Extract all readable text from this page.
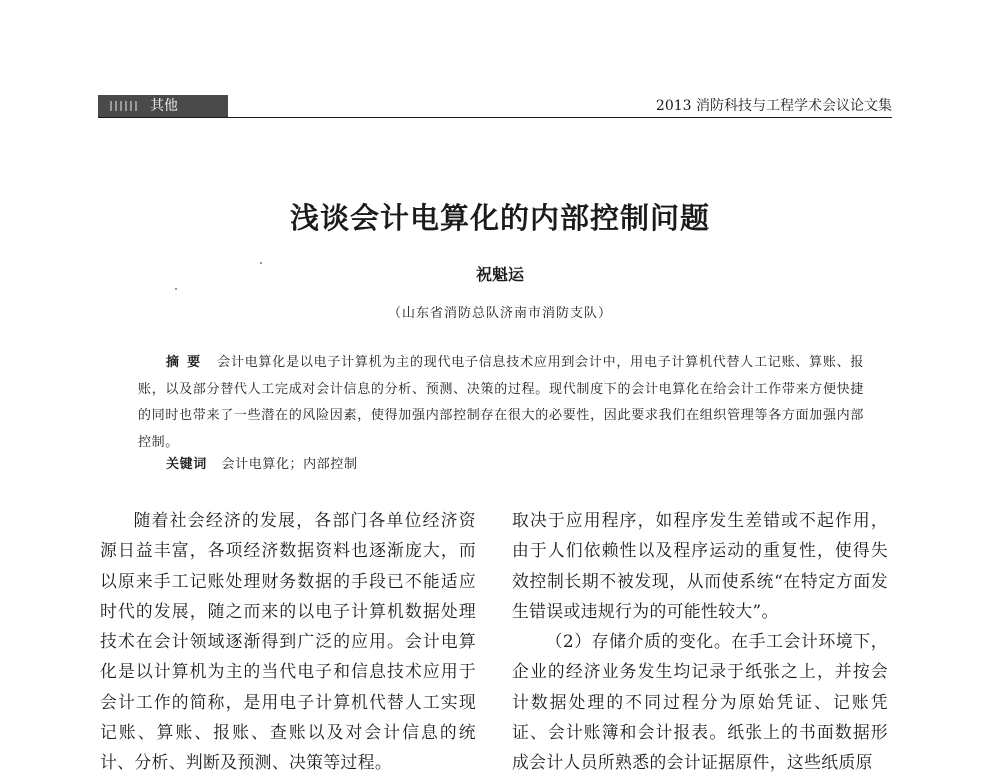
其他	2013 消防科技与工程学术会议论文集
浅谈会计电算化的内部控制问题
祝魁运
（山东省消防总队济南市消防支队）
摘要 会计电算化是以电子计算机为主的现代电子信息技术应用到会计中，用电子计算机代替人工记账、算账、报账，以及部分替代人工完成对会计信息的分析、预测、决策的过程。现代制度下的会计电算化在给会计工作带来方便快捷的同时也带来了一些潜在的风险因素，使得加强内部控制存在很大的必要性，因此要求我们在组织管理等各方面加强内部控制。
关键词 会计电算化；内部控制

随着社会经济的发展，各部门各单位经济资源日益丰富，各项经济数据资料也逐渐庞大，而以原来手工记账处理财务数据的手段已不能适应时代的发展，随之而来的以电子计算机数据处理技术在会计领域逐渐得到广泛的应用。会计电算化是以计算机为主的当代电子和信息技术应用于会计工作的简称，是用电子计算机代替人工实现记账、算账、报账、查账以及对会计信息的统计、分析、判断及预测、决策等过程。

取决于应用程序，如程序发生差错或不起作用，由于人们依赖性以及程序运动的重复性，使得失效控制长期不被发现，从而使系统“在特定方面发生错误或违规行为的可能性较大”。

（2）存储介质的变化。在手工会计环境下，企业的经济业务发生均记录于纸张之上，并按会计数据处理的不同过程分为原始凭证、记账凭证、会计账簿和会计报表。纸张上的书面数据形成会计人员所熟悉的会计证据原件，这些纸质原
